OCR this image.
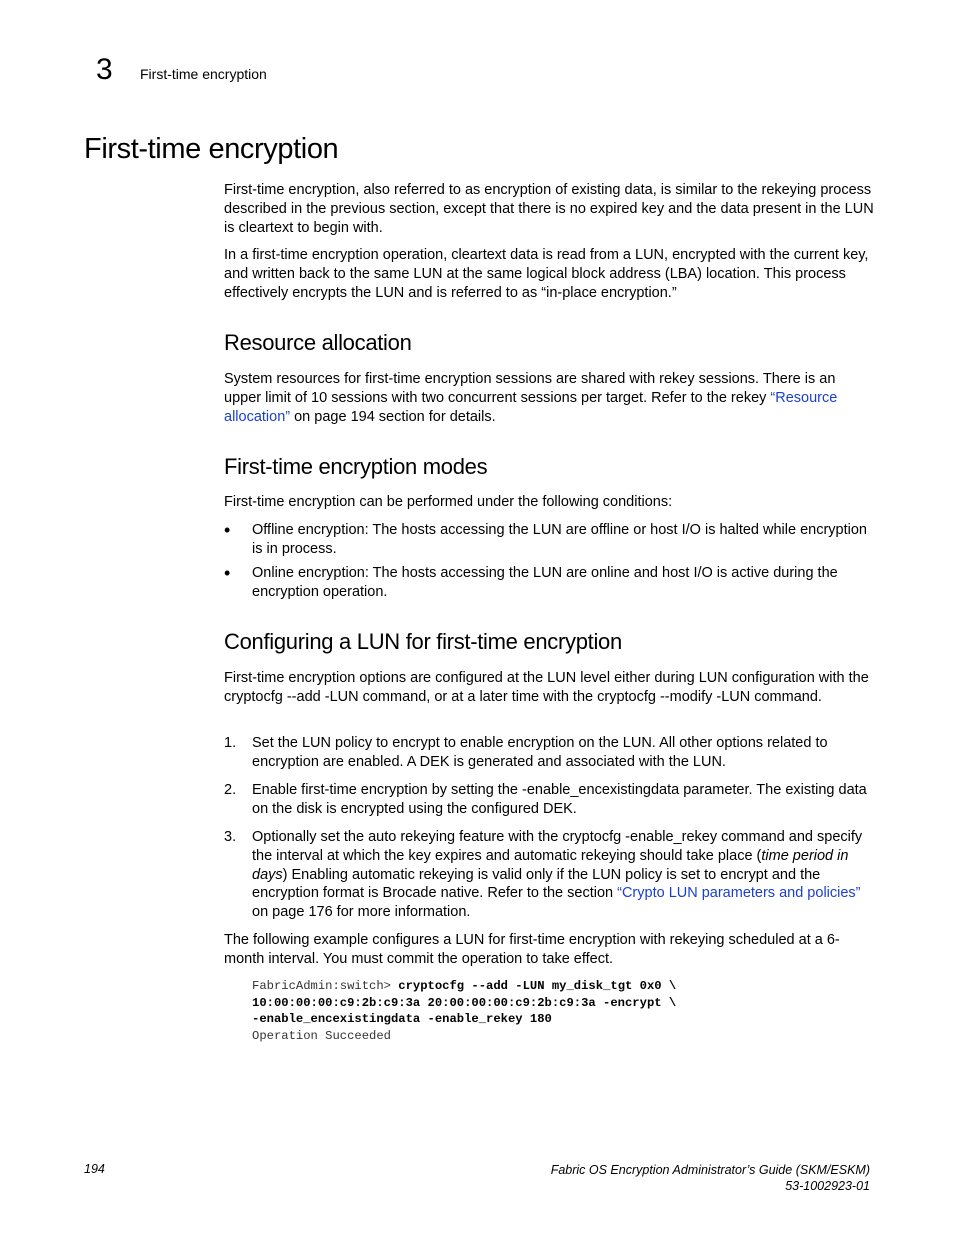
3 First-time encryption
First-time encryption
First-time encryption, also referred to as encryption of existing data, is similar to the rekeying process described in the previous section, except that there is no expired key and the data present in the LUN is cleartext to begin with.
In a first-time encryption operation, cleartext data is read from a LUN, encrypted with the current key, and written back to the same LUN at the same logical block address (LBA) location. This process effectively encrypts the LUN and is referred to as “in-place encryption.”
Resource allocation
System resources for first-time encryption sessions are shared with rekey sessions. There is an upper limit of 10 sessions with two concurrent sessions per target. Refer to the rekey “Resource allocation” on page 194 section for details.
First-time encryption modes
First-time encryption can be performed under the following conditions:
• Offline encryption: The hosts accessing the LUN are offline or host I/O is halted while encryption is in process.
• Online encryption: The hosts accessing the LUN are online and host I/O is active during the encryption operation.
Configuring a LUN for first-time encryption
First-time encryption options are configured at the LUN level either during LUN configuration with the cryptocfg --add -LUN command, or at a later time with the cryptocfg --modify -LUN command.
1. Set the LUN policy to encrypt to enable encryption on the LUN. All other options related to encryption are enabled. A DEK is generated and associated with the LUN.
2. Enable first-time encryption by setting the -enable_encexistingdata parameter. The existing data on the disk is encrypted using the configured DEK.
3. Optionally set the auto rekeying feature with the cryptocfg -enable_rekey command and specify the interval at which the key expires and automatic rekeying should take place (time period in days) Enabling automatic rekeying is valid only if the LUN policy is set to encrypt and the encryption format is Brocade native. Refer to the section “Crypto LUN parameters and policies” on page 176 for more information.
The following example configures a LUN for first-time encryption with rekeying scheduled at a 6-month interval. You must commit the operation to take effect.
FabricAdmin:switch> cryptocfg --add -LUN my_disk_tgt 0x0 \
10:00:00:00:c9:2b:c9:3a 20:00:00:00:c9:2b:c9:3a -encrypt \
-enable_encexistingdata -enable_rekey 180
Operation Succeeded
194	Fabric OS Encryption Administrator’s Guide (SKM/ESKM)
53-1002923-01
